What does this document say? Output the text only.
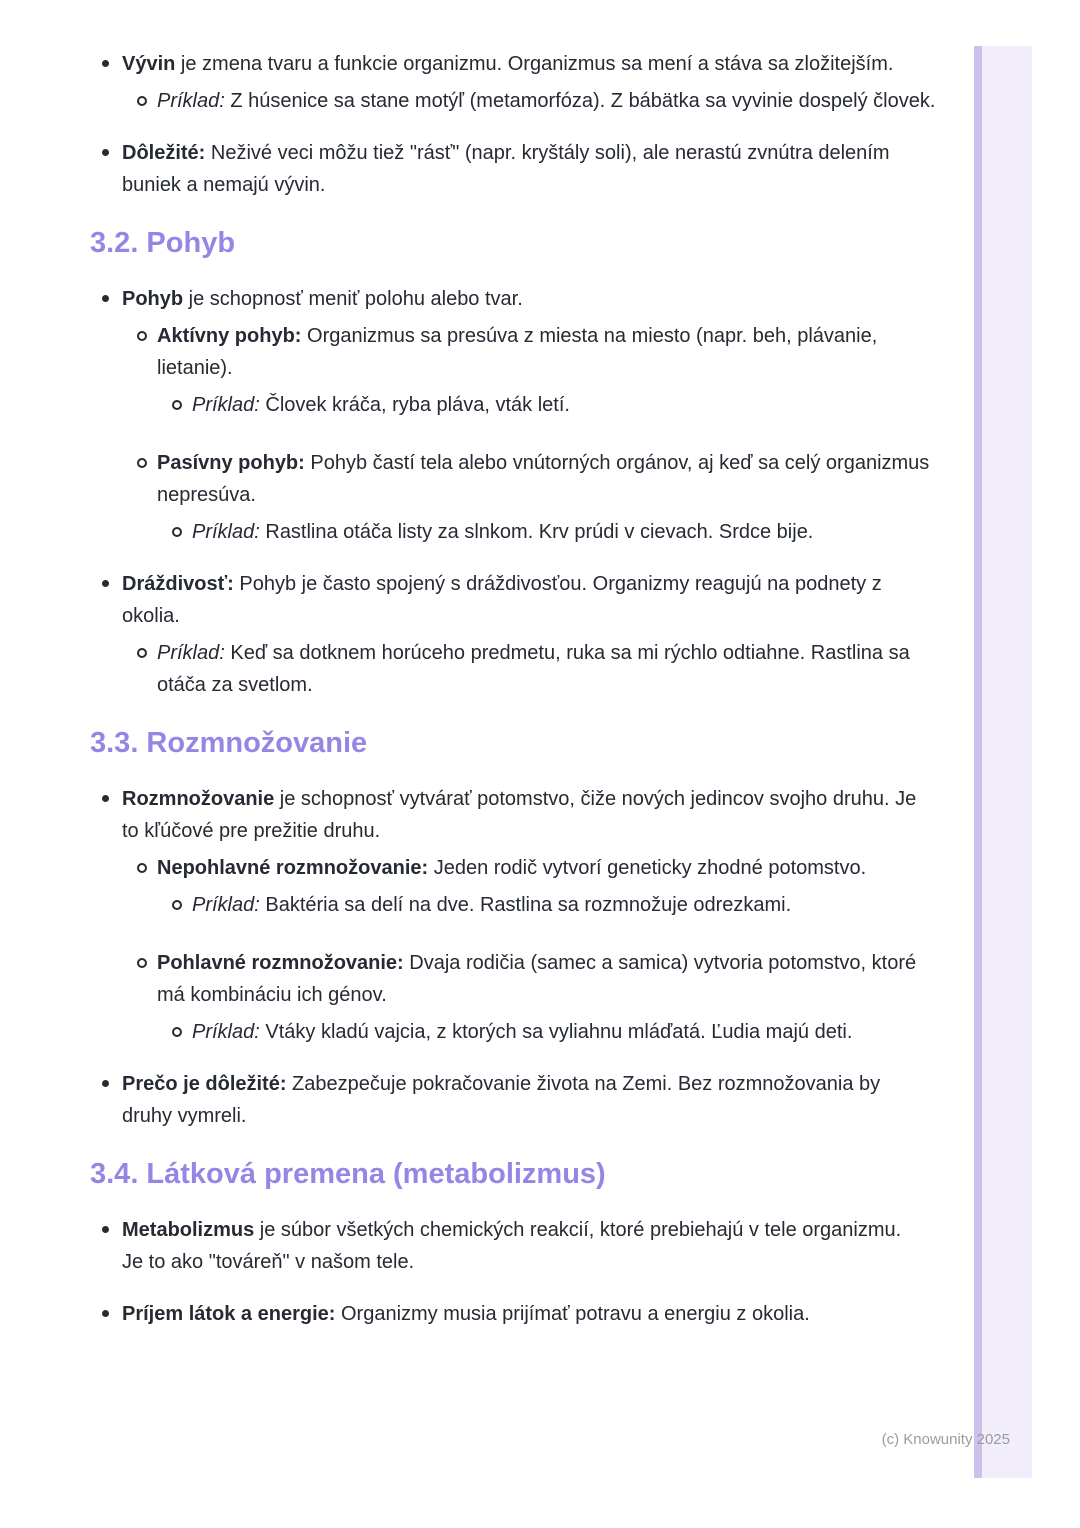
Vývin je zmena tvaru a funkcie organizmu. Organizmus sa mení a stáva sa zložitejším.

Príklad: Z húsenice sa stane motýľ (metamorfóza). Z bábätka sa vyvinie dospelý človek.

Dôležité: Neživé veci môžu tiež "rásť" (napr. kryštály soli), ale nerastú zvnútra delením buniek a nemajú vývin.

3.2. Pohyb

Pohyb je schopnosť meniť polohu alebo tvar.

Aktívny pohyb: Organizmus sa presúva z miesta na miesto (napr. beh, plávanie, lietanie).

Príklad: Človek kráča, ryba pláva, vták letí.

Pasívny pohyb: Pohyb častí tela alebo vnútorných orgánov, aj keď sa celý organizmus nepresúva.

Príklad: Rastlina otáča listy za slnkom. Krv prúdi v cievach. Srdce bije.

Dráždivosť: Pohyb je často spojený s dráždivosťou. Organizmy reagujú na podnety z okolia.

Príklad: Keď sa dotknem horúceho predmetu, ruka sa mi rýchlo odtiahne. Rastlina sa otáča za svetlom.

3.3. Rozmnožovanie

Rozmnožovanie je schopnosť vytvárať potomstvo, čiže nových jedincov svojho druhu. Je to kľúčové pre prežitie druhu.

Nepohlavné rozmnožovanie: Jeden rodič vytvorí geneticky zhodné potomstvo.

Príklad: Baktéria sa delí na dve. Rastlina sa rozmnožuje odrezkami.

Pohlavné rozmnožovanie: Dvaja rodičia (samec a samica) vytvoria potomstvo, ktoré má kombináciu ich génov.

Príklad: Vtáky kladú vajcia, z ktorých sa vyliahnu mláďatá. Ľudia majú deti.

Prečo je dôležité: Zabezpečuje pokračovanie života na Zemi. Bez rozmnožovania by druhy vymreli.

3.4. Látková premena (metabolizmus)

Metabolizmus je súbor všetkých chemických reakcií, ktoré prebiehajú v tele organizmu. Je to ako "továreň" v našom tele.

Príjem látok a energie: Organizmy musia prijímať potravu a energiu z okolia.

(c) Knowunity 2025
